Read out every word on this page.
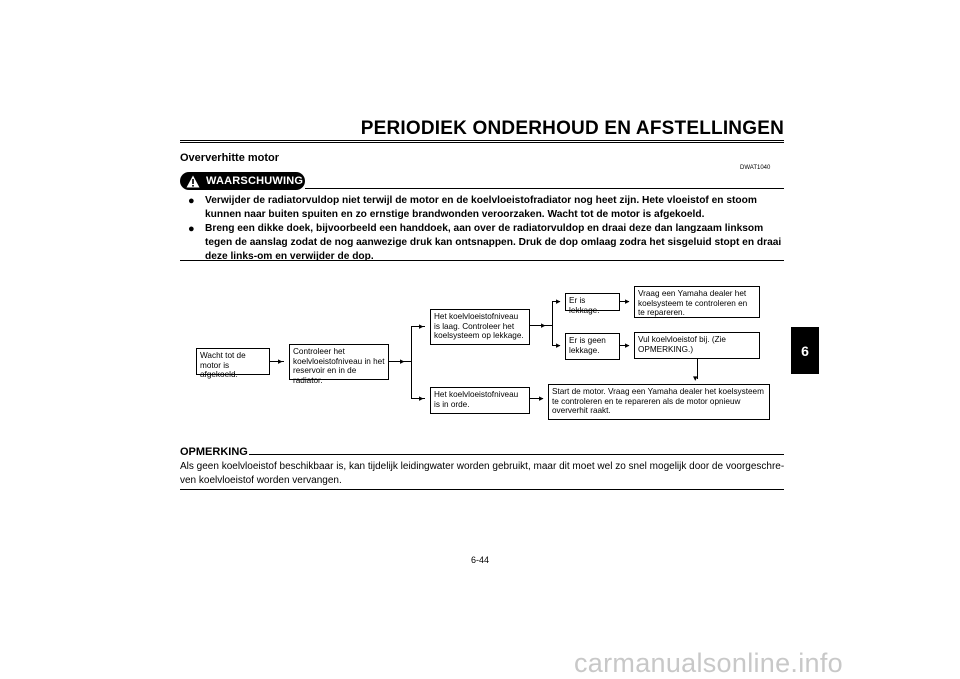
PERIODIEK ONDERHOUD EN AFSTELLINGEN
Oververhitte motor
DWAT1040
WAARSCHUWING
● Verwijder de radiatorvuldop niet terwijl de motor en de koelvloeistofradiator nog heet zijn. Hete vloeistof en stoom kunnen naar buiten spuiten en zo ernstige brandwonden veroorzaken. Wacht tot de motor is afgekoeld.
● Breng een dikke doek, bijvoorbeeld een handdoek, aan over de radiatorvuldop en draai deze dan langzaam linksom tegen de aanslag zodat de nog aanwezige druk kan ontsnappen. Druk de dop omlaag zodra het sisgeluid stopt en draai deze links-om en verwijder de dop.
Wacht tot de motor is afgekoeld.
Controleer het koelvloeistofniveau in het reservoir en in de radiator.
Het koelvloeistofniveau is laag. Controleer het koelsysteem op lekkage.
Het koelvloeistofniveau is in orde.
Er is lekkage.
Er is geen lekkage.
Vraag een Yamaha dealer het koelsysteem te controleren en te repareren.
Vul koelvloeistof bij. (Zie OPMERKING.)
Start de motor. Vraag een Yamaha dealer het koelsysteem te controleren en te repareren als de motor opnieuw oververhit raakt.
▸	▸
▸
▸
▸
▸
▸
▸
▸
▸
▾
OPMERKING
Als geen koelvloeistof beschikbaar is, kan tijdelijk leidingwater worden gebruikt, maar dit moet wel zo snel mogelijk door de voorgeschre-ven koelvloeistof worden vervangen.
6-44
6
carmanualsonline.info
